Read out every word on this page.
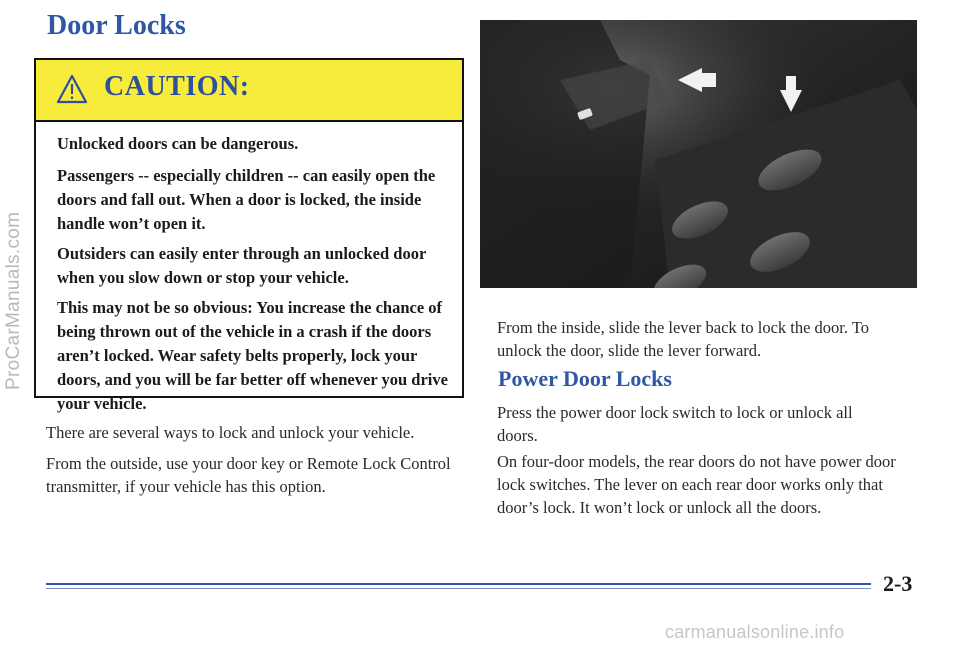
ProCarManuals.com
Door Locks
CAUTION:

Unlocked doors can be dangerous.

Passengers -- especially children -- can easily open the doors and fall out. When a door is locked, the inside handle won’t open it.

Outsiders can easily enter through an unlocked door when you slow down or stop your vehicle.

This may not be so obvious: You increase the chance of being thrown out of the vehicle in a crash if the doors aren’t locked. Wear safety belts properly, lock your doors, and you will be far better off whenever you drive your vehicle.

There are several ways to lock and unlock your vehicle.

From the outside, use your door key or Remote Lock Control transmitter, if your vehicle has this option.

From the inside, slide the lever back to lock the door. To unlock the door, slide the lever forward.

Power Door Locks

Press the power door lock switch to lock or unlock all doors.

On four-door models, the rear doors do not have power door lock switches. The lever on each rear door works only that door’s lock. It won’t lock or unlock all the doors.

2-3
carmanualsonline.info
